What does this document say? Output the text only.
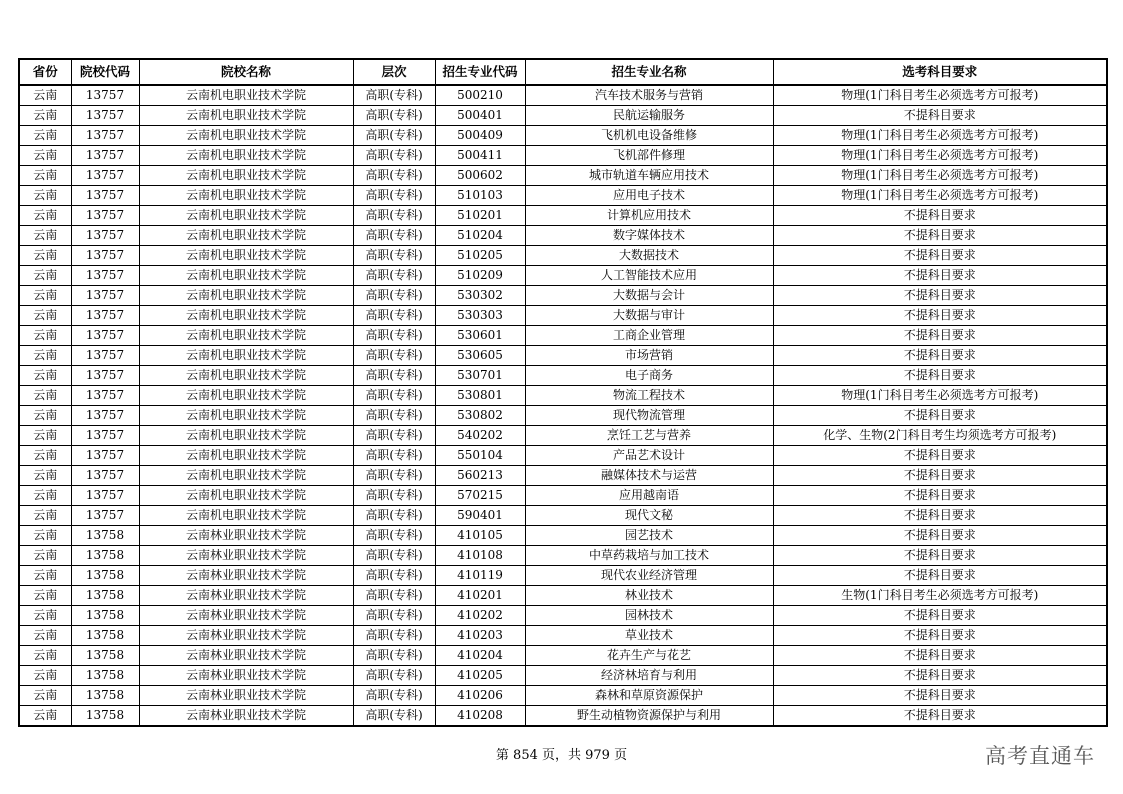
省份	院校代码	院校名称	层次	招生专业代码	招生专业名称	选考科目要求
云南	13757	云南机电职业技术学院	高职(专科)	500210	汽车技术服务与营销	物理(1门科目考生必须选考方可报考)
云南	13757	云南机电职业技术学院	高职(专科)	500401	民航运输服务	不提科目要求
云南	13757	云南机电职业技术学院	高职(专科)	500409	飞机机电设备维修	物理(1门科目考生必须选考方可报考)
云南	13757	云南机电职业技术学院	高职(专科)	500411	飞机部件修理	物理(1门科目考生必须选考方可报考)
云南	13757	云南机电职业技术学院	高职(专科)	500602	城市轨道车辆应用技术	物理(1门科目考生必须选考方可报考)
云南	13757	云南机电职业技术学院	高职(专科)	510103	应用电子技术	物理(1门科目考生必须选考方可报考)
云南	13757	云南机电职业技术学院	高职(专科)	510201	计算机应用技术	不提科目要求
云南	13757	云南机电职业技术学院	高职(专科)	510204	数字媒体技术	不提科目要求
云南	13757	云南机电职业技术学院	高职(专科)	510205	大数据技术	不提科目要求
云南	13757	云南机电职业技术学院	高职(专科)	510209	人工智能技术应用	不提科目要求
云南	13757	云南机电职业技术学院	高职(专科)	530302	大数据与会计	不提科目要求
云南	13757	云南机电职业技术学院	高职(专科)	530303	大数据与审计	不提科目要求
云南	13757	云南机电职业技术学院	高职(专科)	530601	工商企业管理	不提科目要求
云南	13757	云南机电职业技术学院	高职(专科)	530605	市场营销	不提科目要求
云南	13757	云南机电职业技术学院	高职(专科)	530701	电子商务	不提科目要求
云南	13757	云南机电职业技术学院	高职(专科)	530801	物流工程技术	物理(1门科目考生必须选考方可报考)
云南	13757	云南机电职业技术学院	高职(专科)	530802	现代物流管理	不提科目要求
云南	13757	云南机电职业技术学院	高职(专科)	540202	烹饪工艺与营养	化学、生物(2门科目考生均须选考方可报考)
云南	13757	云南机电职业技术学院	高职(专科)	550104	产品艺术设计	不提科目要求
云南	13757	云南机电职业技术学院	高职(专科)	560213	融媒体技术与运营	不提科目要求
云南	13757	云南机电职业技术学院	高职(专科)	570215	应用越南语	不提科目要求
云南	13757	云南机电职业技术学院	高职(专科)	590401	现代文秘	不提科目要求
云南	13758	云南林业职业技术学院	高职(专科)	410105	园艺技术	不提科目要求
云南	13758	云南林业职业技术学院	高职(专科)	410108	中草药栽培与加工技术	不提科目要求
云南	13758	云南林业职业技术学院	高职(专科)	410119	现代农业经济管理	不提科目要求
云南	13758	云南林业职业技术学院	高职(专科)	410201	林业技术	生物(1门科目考生必须选考方可报考)
云南	13758	云南林业职业技术学院	高职(专科)	410202	园林技术	不提科目要求
云南	13758	云南林业职业技术学院	高职(专科)	410203	草业技术	不提科目要求
云南	13758	云南林业职业技术学院	高职(专科)	410204	花卉生产与花艺	不提科目要求
云南	13758	云南林业职业技术学院	高职(专科)	410205	经济林培育与利用	不提科目要求
云南	13758	云南林业职业技术学院	高职(专科)	410206	森林和草原资源保护	不提科目要求
云南	13758	云南林业职业技术学院	高职(专科)	410208	野生动植物资源保护与利用	不提科目要求
第 854 页，共 979 页	高考直通车
